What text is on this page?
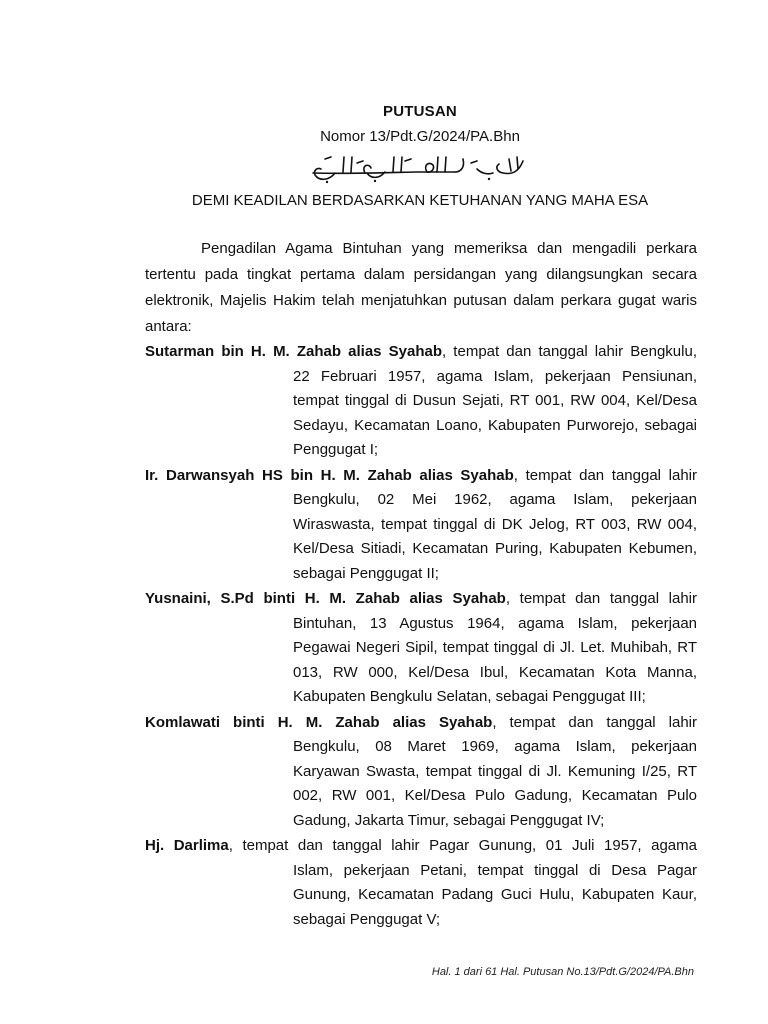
PUTUSAN
Nomor 13/Pdt.G/2024/PA.Bhn
DEMI KEADILAN BERDASARKAN KETUHANAN YANG MAHA ESA
Pengadilan Agama Bintuhan yang memeriksa dan mengadili perkara tertentu pada tingkat pertama dalam persidangan yang dilangsungkan secara elektronik, Majelis Hakim telah menjatuhkan putusan dalam perkara gugat waris antara:
Sutarman bin H. M. Zahab alias Syahab, tempat dan tanggal lahir Bengkulu,
22 Februari 1957, agama Islam, pekerjaan Pensiunan, tempat tinggal di Dusun Sejati, RT 001, RW 004, Kel/Desa Sedayu, Kecamatan Loano, Kabupaten Purworejo, sebagai Penggugat I;
Ir. Darwansyah HS bin H. M. Zahab alias Syahab, tempat dan tanggal lahir
Bengkulu, 02 Mei 1962, agama Islam, pekerjaan Wiraswasta, tempat tinggal di DK Jelog, RT 003, RW 004, Kel/Desa Sitiadi, Kecamatan Puring, Kabupaten Kebumen, sebagai Penggugat II;
Yusnaini, S.Pd binti H. M. Zahab alias Syahab, tempat dan tanggal lahir
Bintuhan, 13 Agustus 1964, agama Islam, pekerjaan Pegawai Negeri Sipil, tempat tinggal di Jl. Let. Muhibah, RT 013, RW 000, Kel/Desa Ibul, Kecamatan Kota Manna, Kabupaten Bengkulu Selatan, sebagai Penggugat III;
Komlawati binti H. M. Zahab alias Syahab, tempat dan tanggal lahir
Bengkulu, 08 Maret 1969, agama Islam, pekerjaan Karyawan Swasta, tempat tinggal di Jl. Kemuning I/25, RT 002, RW 001, Kel/Desa Pulo Gadung, Kecamatan Pulo Gadung, Jakarta Timur, sebagai Penggugat IV;
Hj. Darlima, tempat dan tanggal lahir Pagar Gunung, 01 Juli 1957, agama
Islam, pekerjaan Petani, tempat tinggal di Desa Pagar Gunung, Kecamatan Padang Guci Hulu, Kabupaten Kaur, sebagai Penggugat V;
Hal. 1 dari 61 Hal. Putusan No.13/Pdt.G/2024/PA.Bhn
